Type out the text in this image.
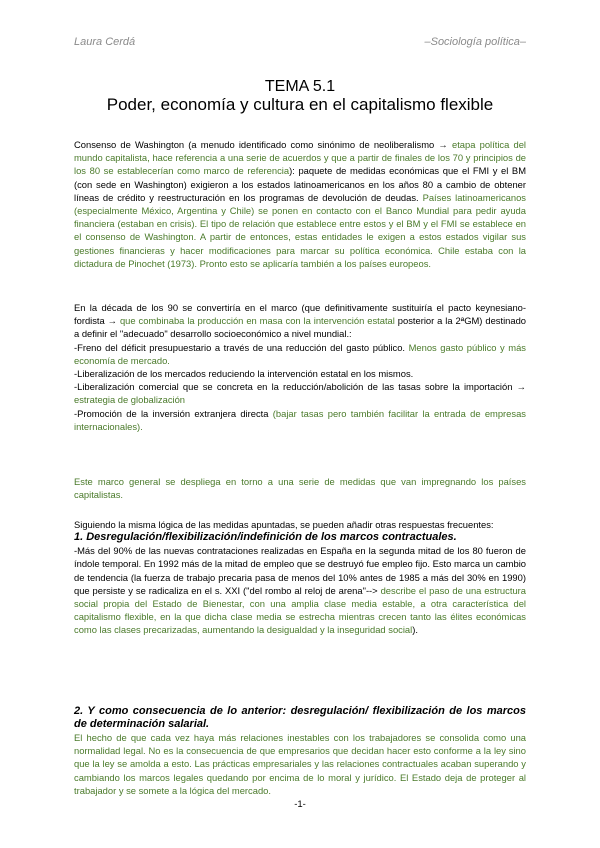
Laura Cerdá	–Sociología política–
TEMA 5.1
Poder, economía y cultura en el capitalismo flexible
Consenso de Washington (a menudo identificado como sinónimo de neoliberalismo → etapa política del mundo capitalista, hace referencia a una serie de acuerdos y que a partir de finales de los 70 y principios de los 80 se establecerían como marco de referencia): paquete de medidas económicas que el FMI y el BM (con sede en Washington) exigieron a los estados latinoamericanos en los años 80 a cambio de obtener líneas de crédito y reestructuración en los programas de devolución de deudas. Países latinoamericanos (especialmente México, Argentina y Chile) se ponen en contacto con el Banco Mundial para pedir ayuda financiera (estaban en crisis). El tipo de relación que establece entre estos y el BM y el FMI se establece en el consenso de Washington. A partir de entonces, estas entidades le exigen a estos estados vigilar sus gestiones financieras y hacer modificaciones para marcar su política económica. Chile estaba con la dictadura de Pinochet (1973). Pronto esto se aplicaría también a los países europeos.

En la década de los 90 se convertiría en el marco (que definitivamente sustituiría el pacto keynesiano-fordista → que combinaba la producción en masa con la intervención estatal posterior a la 2ªGM) destinado a definir el "adecuado" desarrollo socioeconómico a nivel mundial.:

-Freno del déficit presupuestario a través de una reducción del gasto público. Menos gasto público y más economía de mercado.

-Liberalización de los mercados reduciendo la intervención estatal en los mismos.

-Liberalización comercial que se concreta en la reducción/abolición de las tasas sobre la importación → estrategia de globalización

-Promoción de la inversión extranjera directa (bajar tasas pero también facilitar la entrada de empresas internacionales).

Este marco general se despliega en torno a una serie de medidas que van impregnando los países capitalistas.

Siguiendo la misma lógica de las medidas apuntadas, se pueden añadir otras respuestas frecuentes:

1. Desregulación/flexibilización/indefinición de los marcos contractuales.

-Más del 90% de las nuevas contrataciones realizadas en España en la segunda mitad de los 80 fueron de índole temporal. En 1992 más de la mitad de empleo que se destruyó fue empleo fijo. Esto marca un cambio de tendencia (la fuerza de trabajo precaria pasa de menos del 10% antes de 1985 a más del 30% en 1990) que persiste y se radicaliza en el s. XXI ("del rombo al reloj de arena"--> describe el paso de una estructura social propia del Estado de Bienestar, con una amplia clase media estable, a otra característica del capitalismo flexible, en la que dicha clase media se estrecha mientras crecen tanto las élites económicas como las clases precarizadas, aumentando la desigualdad y la inseguridad social).

2. Y como consecuencia de lo anterior: desregulación/ flexibilización de los marcos de determinación salarial.

El hecho de que cada vez haya más relaciones inestables con los trabajadores se consolida como una normalidad legal. No es la consecuencia de que empresarios que decidan hacer esto conforme a la ley sino que la ley se amolda a esto. Las prácticas empresariales y las relaciones contractuales acaban superando y cambiando los marcos legales quedando por encima de lo moral y jurídico. El Estado deja de proteger al trabajador y se somete a la lógica del mercado.

-1-
